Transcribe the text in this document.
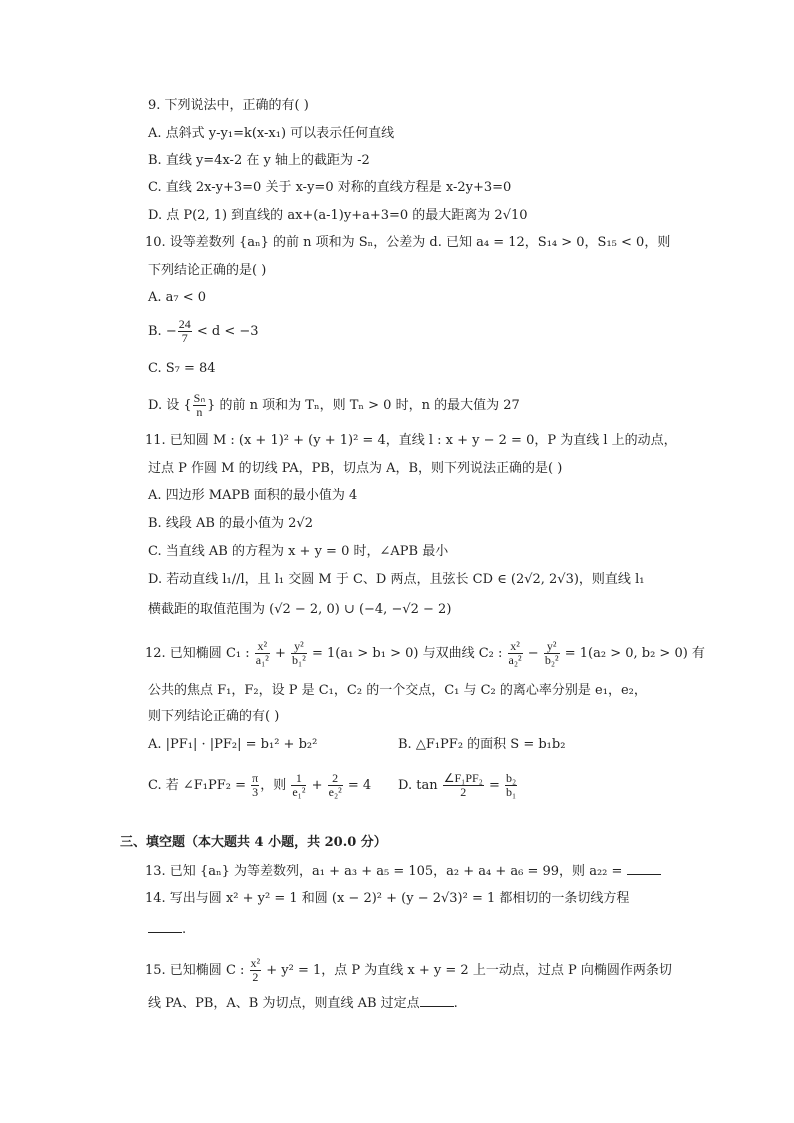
9. 下列说法中，正确的有( )
A. 点斜式 y-y₁=k(x-x₁) 可以表示任何直线
B. 直线 y=4x-2 在 y 轴上的截距为 -2
C. 直线 2x-y+3=0 关于 x-y=0 对称的直线方程是 x-2y+3=0
D. 点 P(2, 1) 到直线的 ax+(a-1)y+a+3=0 的最大距离为 2√10
10. 设等差数列 {aₙ} 的前 n 项和为 Sₙ，公差为 d. 已知 a₄ = 12，S₁₄ > 0，S₁₅ < 0，则
下列结论正确的是( )
A. a₇ < 0
B. − $\frac{24}{7} < d < -3$
C. S₇ = 84
D. 设 { $\frac{\text{Sₙ}}{n}$ } 的前 n 项和为 Tₙ，则 Tₙ > 0 时，n 的最大值为 27
11. 已知圆 M : (x + 1)² + (y + 1)² = 4，直线 l : x + y − 2 = 0，P 为直线 l 上的动点，
过点 P 作圆 M 的切线 PA，PB，切点为 A，B，则下列说法正确的是( )
A. 四边形 MAPB 面积的最小值为 4
B. 线段 AB 的最小值为 2√2
C. 当直线 AB 的方程为 x + y = 0 时，∠APB 最小
D. 若动直线 l₁//l，且 l₁ 交圆 M 于 C、D 两点，且弦长 CD ∈ (2√2, 2√3)，则直线 l₁
横截距的取值范围为 (√2 − 2, 0) ∪ (−4, −√2 − 2)
12. 已知椭圆 C₁ : $\frac{\text{x²}}{\text{a₁²}} + \frac{\text{y²}}{\text{b₁²}} = 1(a_1 > b_1 > 0)$ 与双曲线 C₂ : $\frac{\text{x²}}{\text{a₂²}} - \frac{\text{y²}}{\text{b₂²}} = 1(a_2 > 0$, b₂ > 0) 有
公共的焦点 F₁，F₂，设 P 是 C₁，C₂ 的一个交点，C₁ 与 C₂ 的离心率分别是 e₁，e₂，
则下列结论正确的有( )
A. |PF₁| · |PF₂| = b₁² + b₂²	B. △F₁PF₂ 的面积 S = b₁b₂
C. 若 ∠F₁PF₂ = $\frac{\pi}{3}$ ，则 $\frac{1}{\text{e₁²}} + \frac{2}{\text{e₂²}} = 4$ D. $\tan \frac{\text{∠F₁PF₂}}{2} = \frac{\text{b₂}}{\text{b₁}}$
三、填空题（本大题共 4 小题，共 20.0 分）
13. 已知 {aₙ} 为等差数列，a₁ + a₃ + a₅ = 105，a₂ + a₄ + a₆ = 99，则 a₂₂ =
14. 写出与圆 x² + y² = 1 和圆 (x − 2)² + (y − 2√3)² = 1 都相切的一条切线方程
.
15. 已知椭圆 C : $\frac{\text{x²}}{2} + y^2 = 1$，点 P 为直线 x + y = 2 上一动点，过点 P 向椭圆作两条切
线 PA、PB，A、B 为切点，则直线 AB 过定点	.
